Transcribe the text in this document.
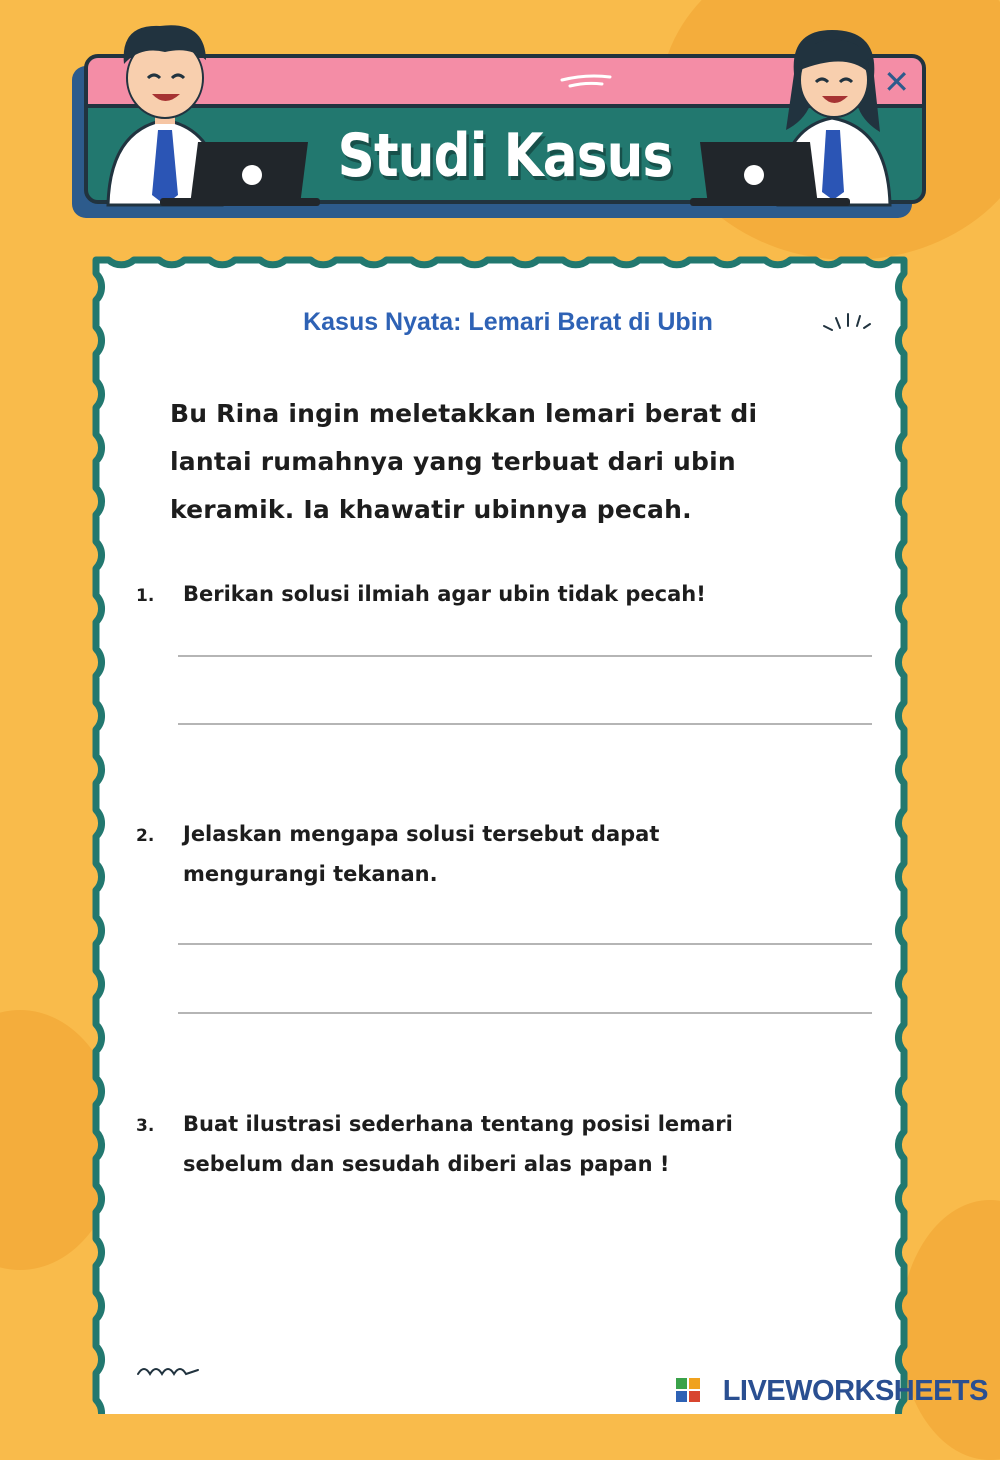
✕
Studi Kasus
Kasus Nyata: Lemari Berat di Ubin
Bu Rina ingin meletakkan lemari berat di
lantai rumahnya yang terbuat dari ubin
keramik. Ia khawatir ubinnya pecah.
1. Berikan solusi ilmiah agar ubin tidak pecah!
2. Jelaskan mengapa solusi tersebut dapat
mengurangi tekanan.
3. Buat ilustrasi sederhana tentang posisi lemari
sebelum dan sesudah diberi alas papan !
LIVEWORKSHEETS
